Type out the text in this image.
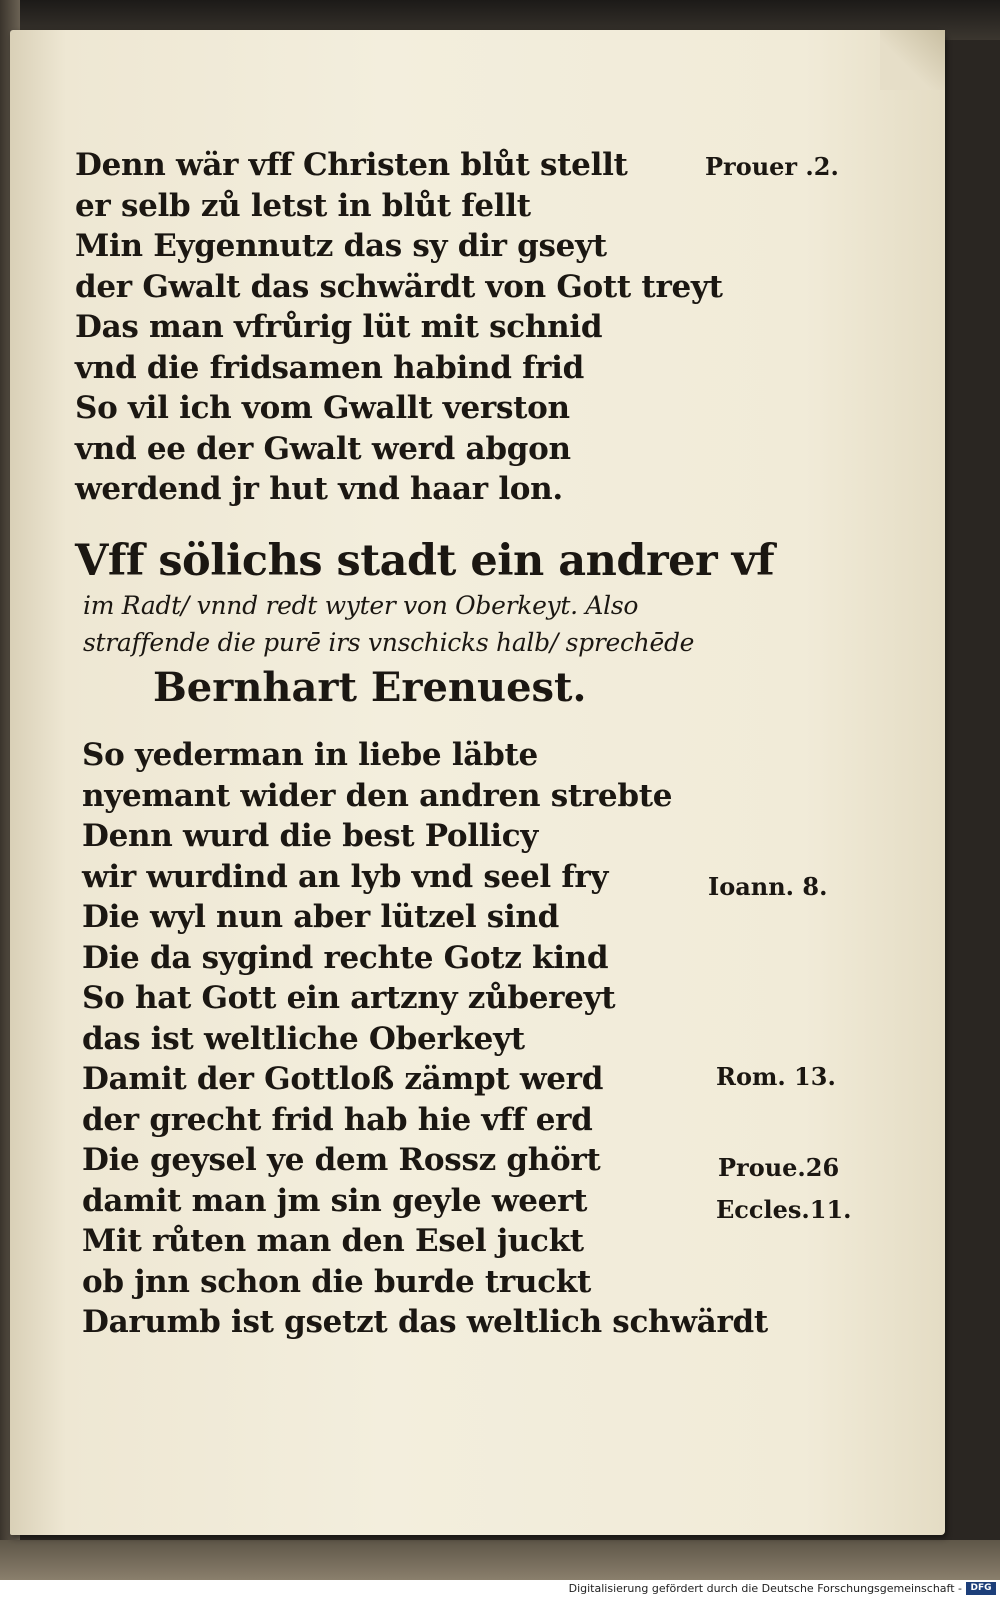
Denn wär vff Christen blůt stellt
er selb zů letst in blůt fellt
Min Eygennutz das sy dir gseyt
der Gwalt das schwärdt von Gott treyt
Das man vfrůrig lüt mit schnid
vnd die fridsamen habind frid
So vil ich vom Gwallt verston
vnd ee der Gwalt werd abgon
werdend jr hut vnd haar lon.
Vff sölichs stadt ein andrer vf
im Radt/ vnnd redt wyter von Oberkeyt. Also
straffende die purē irs vnschicks halb/ sprechēde
Bernhart Erenuest.
So yederman in liebe läbte
nyemant wider den andren strebte
Denn wurd die best Pollicy
wir wurdind an lyb vnd seel fry
Die wyl nun aber lützel sind
Die da sygind rechte Gotz kind
So hat Gott ein artzny zůbereyt
das ist weltliche Oberkeyt
Damit der Gottloß zämpt werd
der grecht frid hab hie vff erd
Die geysel ye dem Rossz ghört
damit man jm sin geyle weert
Mit růten man den Esel juckt
ob jnn schon die burde truckt
Darumb ist gsetzt das weltlich schwärdt
Prouer .2.
Ioann. 8.
Rom. 13.
Proue.26
Eccles.11.
Digitalisierung gefördert durch die Deutsche Forschungsgemeinschaft - DFG
